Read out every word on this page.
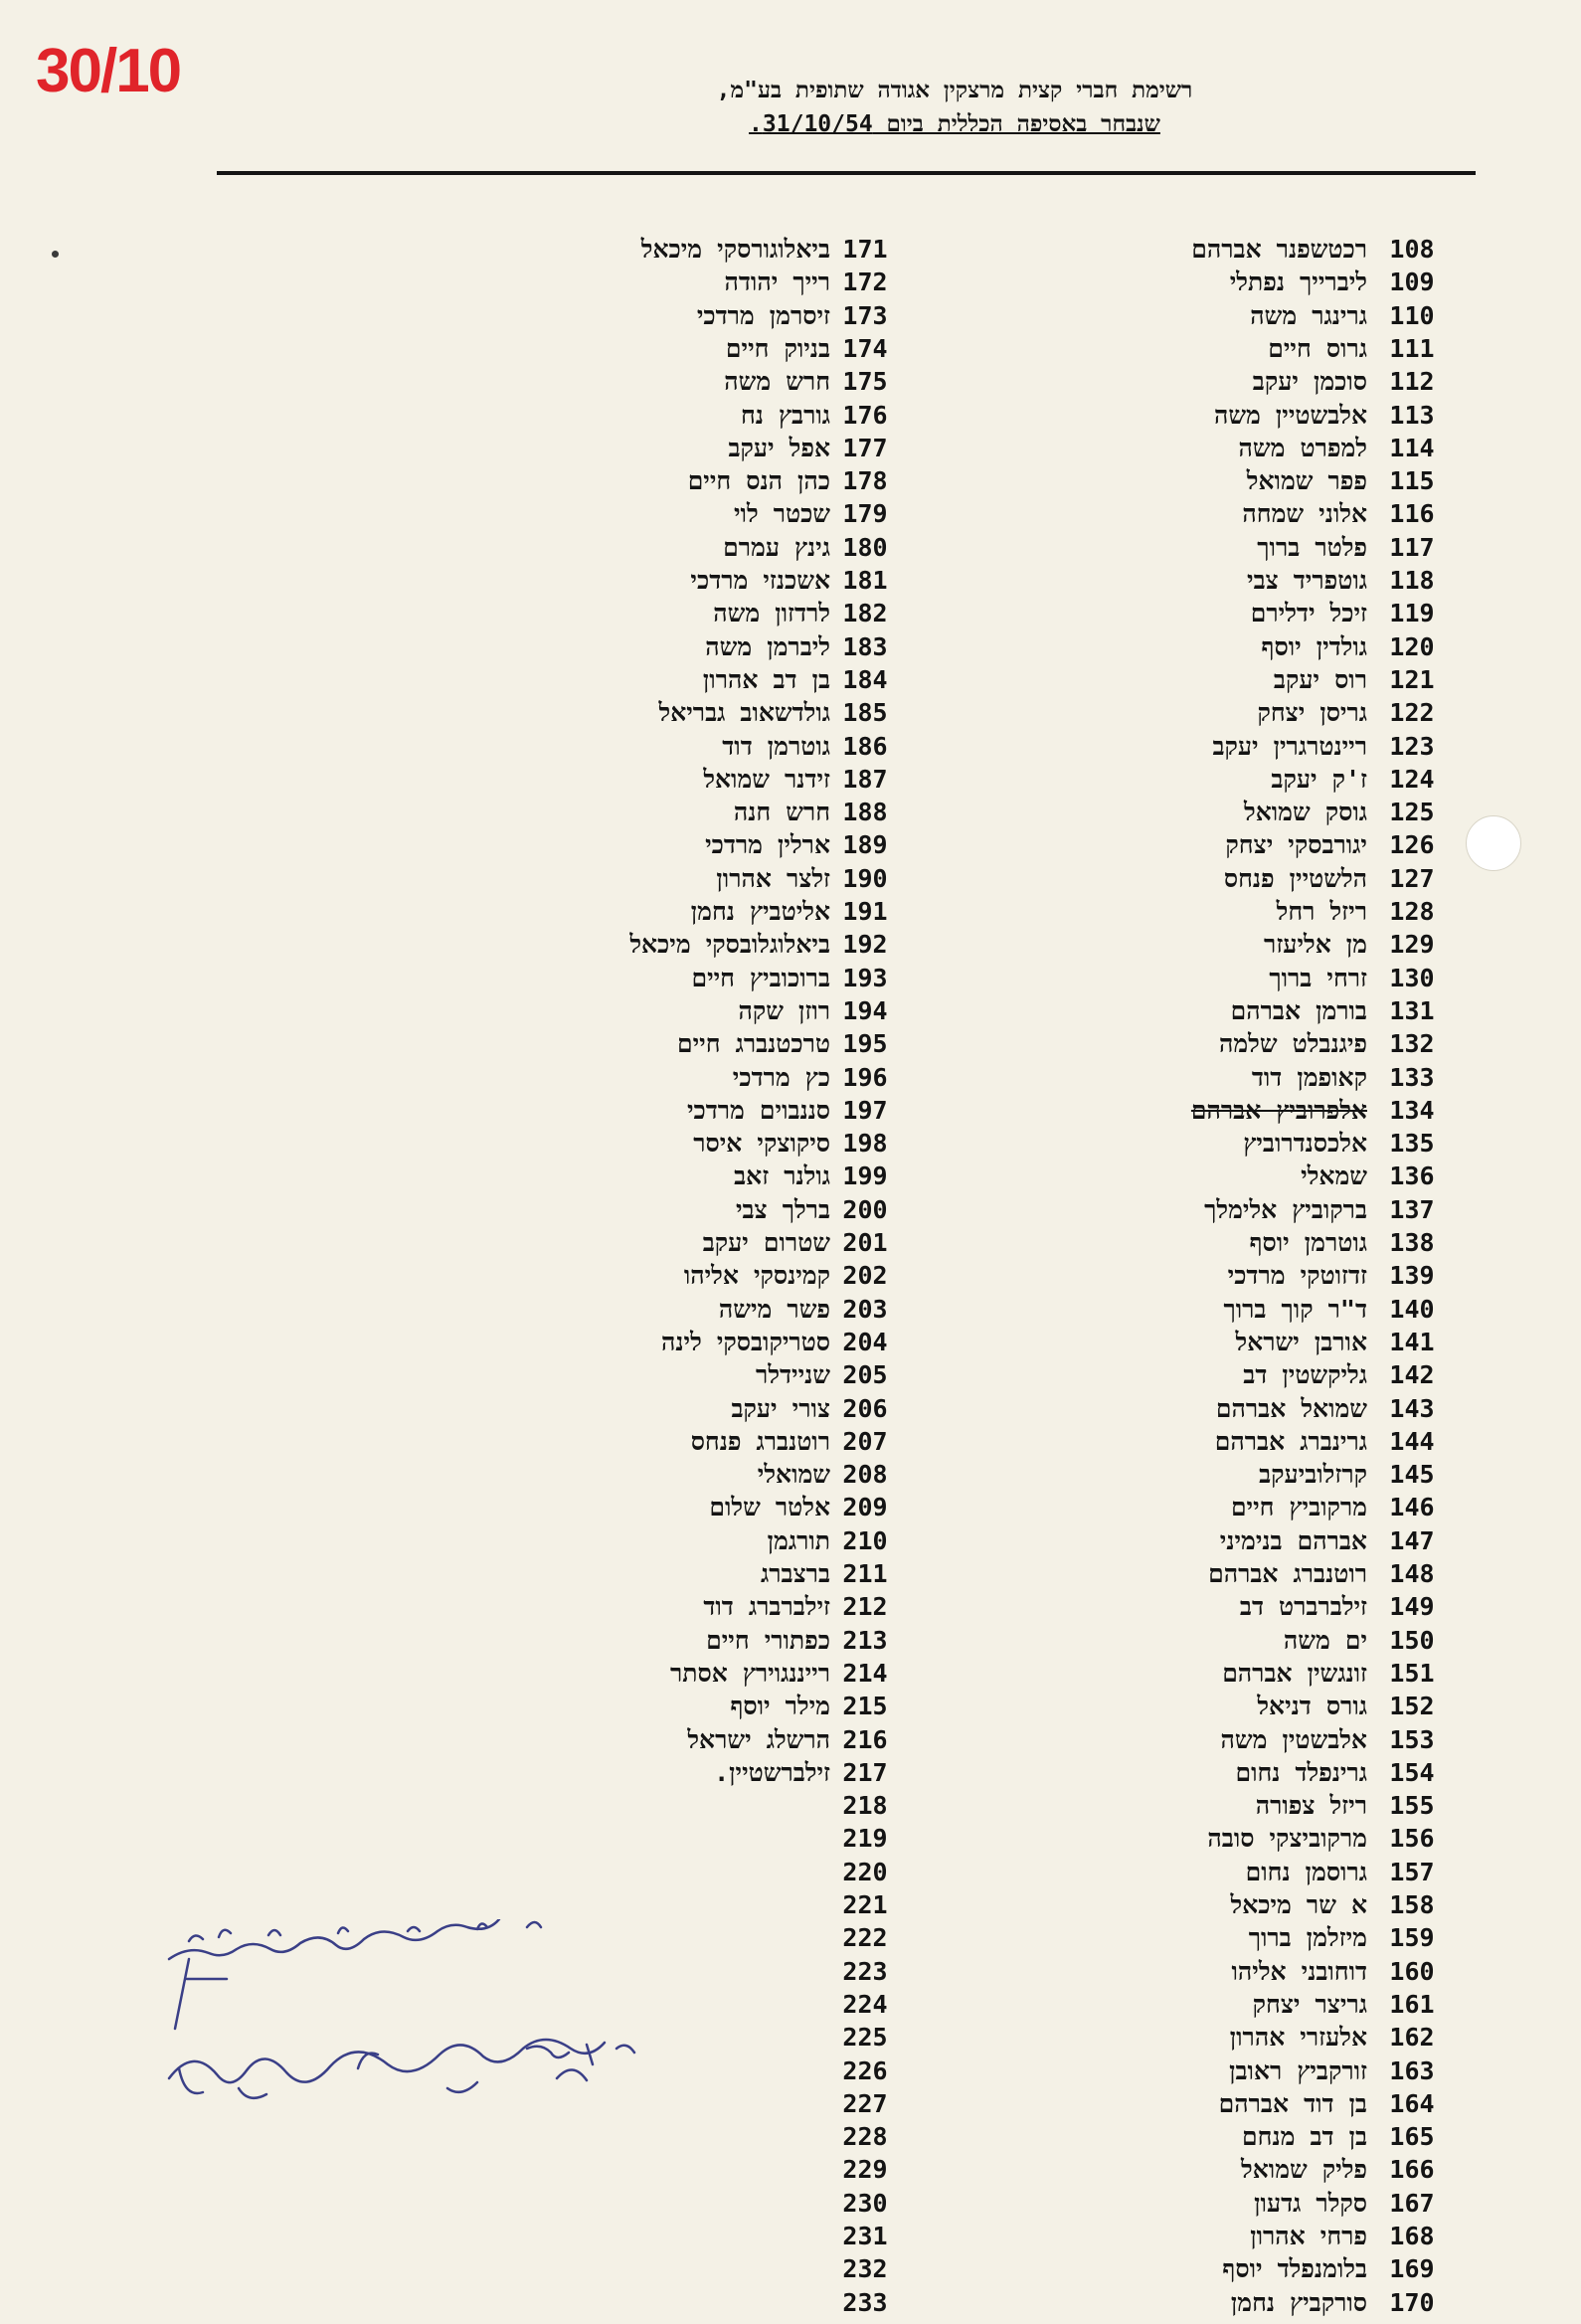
30/10	רשימת חברי קצית מרצקין אגודה שתופית בע"מ,
שנבחר באסיפה הכללית ביום 31/10/54.
171
ביאלוגורסקי מיכאל
172
רייך יהודה
173
זיסרמן מרדכי
174
בניוק חיים
175
חרש משה
176
גורבץ נח
177
אפל יעקב
178
כהן הנס חיים
179
שכטר לוי
180
גינץ עמרם
181
אשכנזי מרדכי
182
לרדזון משה
183
ליברמן משה
184
בן דב אהרון
185
גולדשאוב גבריאל
186
גוטרמן דוד
187
זידנר שמואל
188
חרש חנה
189
ארלין מרדכי
190
זלצר אהרון
191
אליטביץ נחמן
192
ביאלוגלובסקי מיכאל
193
ברוכוביץ חיים
194
רוזן שקה
195
טרכטנברג חיים
196
כץ מרדכי
197
סננבוים מרדכי
198
סיקוצקי איסר
199
גולנר זאב
200
ברלך צבי
201
שטרום יעקב
202
קמינסקי אליהו
203
פשר מישה
204
סטריקובסקי לינה
205
שניידלר
206
צורי יעקב
207
רוטנברג פנחס
208
שמואלי
209
אלטר שלום
210
תורגמן
211
ברצברג
212
זילברברג דוד
213
כפתורי חיים
214
רייננגוירץ אסתר
215
מילר יוסף
216
הרשלג ישראל
217
זילברשטיין.
218
219
220
221
222
223
224
225
226
227
228
229
230
231
232
233
108
רכטשפנר אברהם
109
ליברייך נפתלי
110
גרינגר משה
111
גרוס חיים
112
סוכמן יעקב
113
אלבשטיין משה
114
למפרט משה
115
פפר שמואל
116
אלוני שמחה
117
פלטר ברוך
118
גוטפריד צבי
119
זיכל ידלירם
120
גולדין יוסף
121
רוס יעקב
122
גריסן יצחק
123
ריינטרגרין יעקב
124
ז'ק יעקב
125
גוסק שמואל
126
יגורבסקי יצחק
127
הלשטיין פנחס
128
ריזל רחל
129
מן אליעזר
130
זרחי ברוך
131
בורמן אברהם
132
פיגנבלט שלמה
133
קאופמן דוד
134
אלפרוביץ אברהם
135
אלכסנדרוביץ
136
שמאלי
137
ברקוביץ אלימלך
138
גוטרמן יוסף
139
זדזוטקי מרדכי
140
ד"ר קוך ברוך
141
אורבן ישראל
142
גליקשטין דב
143
שמואל אברהם
144
גרינברג אברהם
145
קרזלוביעקב
146
מרקוביץ חיים
147
אברהם בנימיני
148
רוטנברג אברהם
149
זילברברט דב
150
ים משה
151
זונגשין אברהם
152
גורס דניאל
153
אלבשטין משה
154
גרינפלד נחום
155
ריזל צפורה
156
מרקוביצקי סובה
157
גרוסמן נחום
158
א שר מיכאל
159
מיזלמן ברוך
160
דוחובני אליהו
161
גריצר יצחק
162
אלעזרי אהרון
163
זורקביץ ראובן
164
בן דוד אברהם
165
בן דב מנחם
166
פליק שמואל
167
סקלר גדעון
168
פרחי אהרון
169
בלומנפלד יוסף
170
סורקביץ נחמן
